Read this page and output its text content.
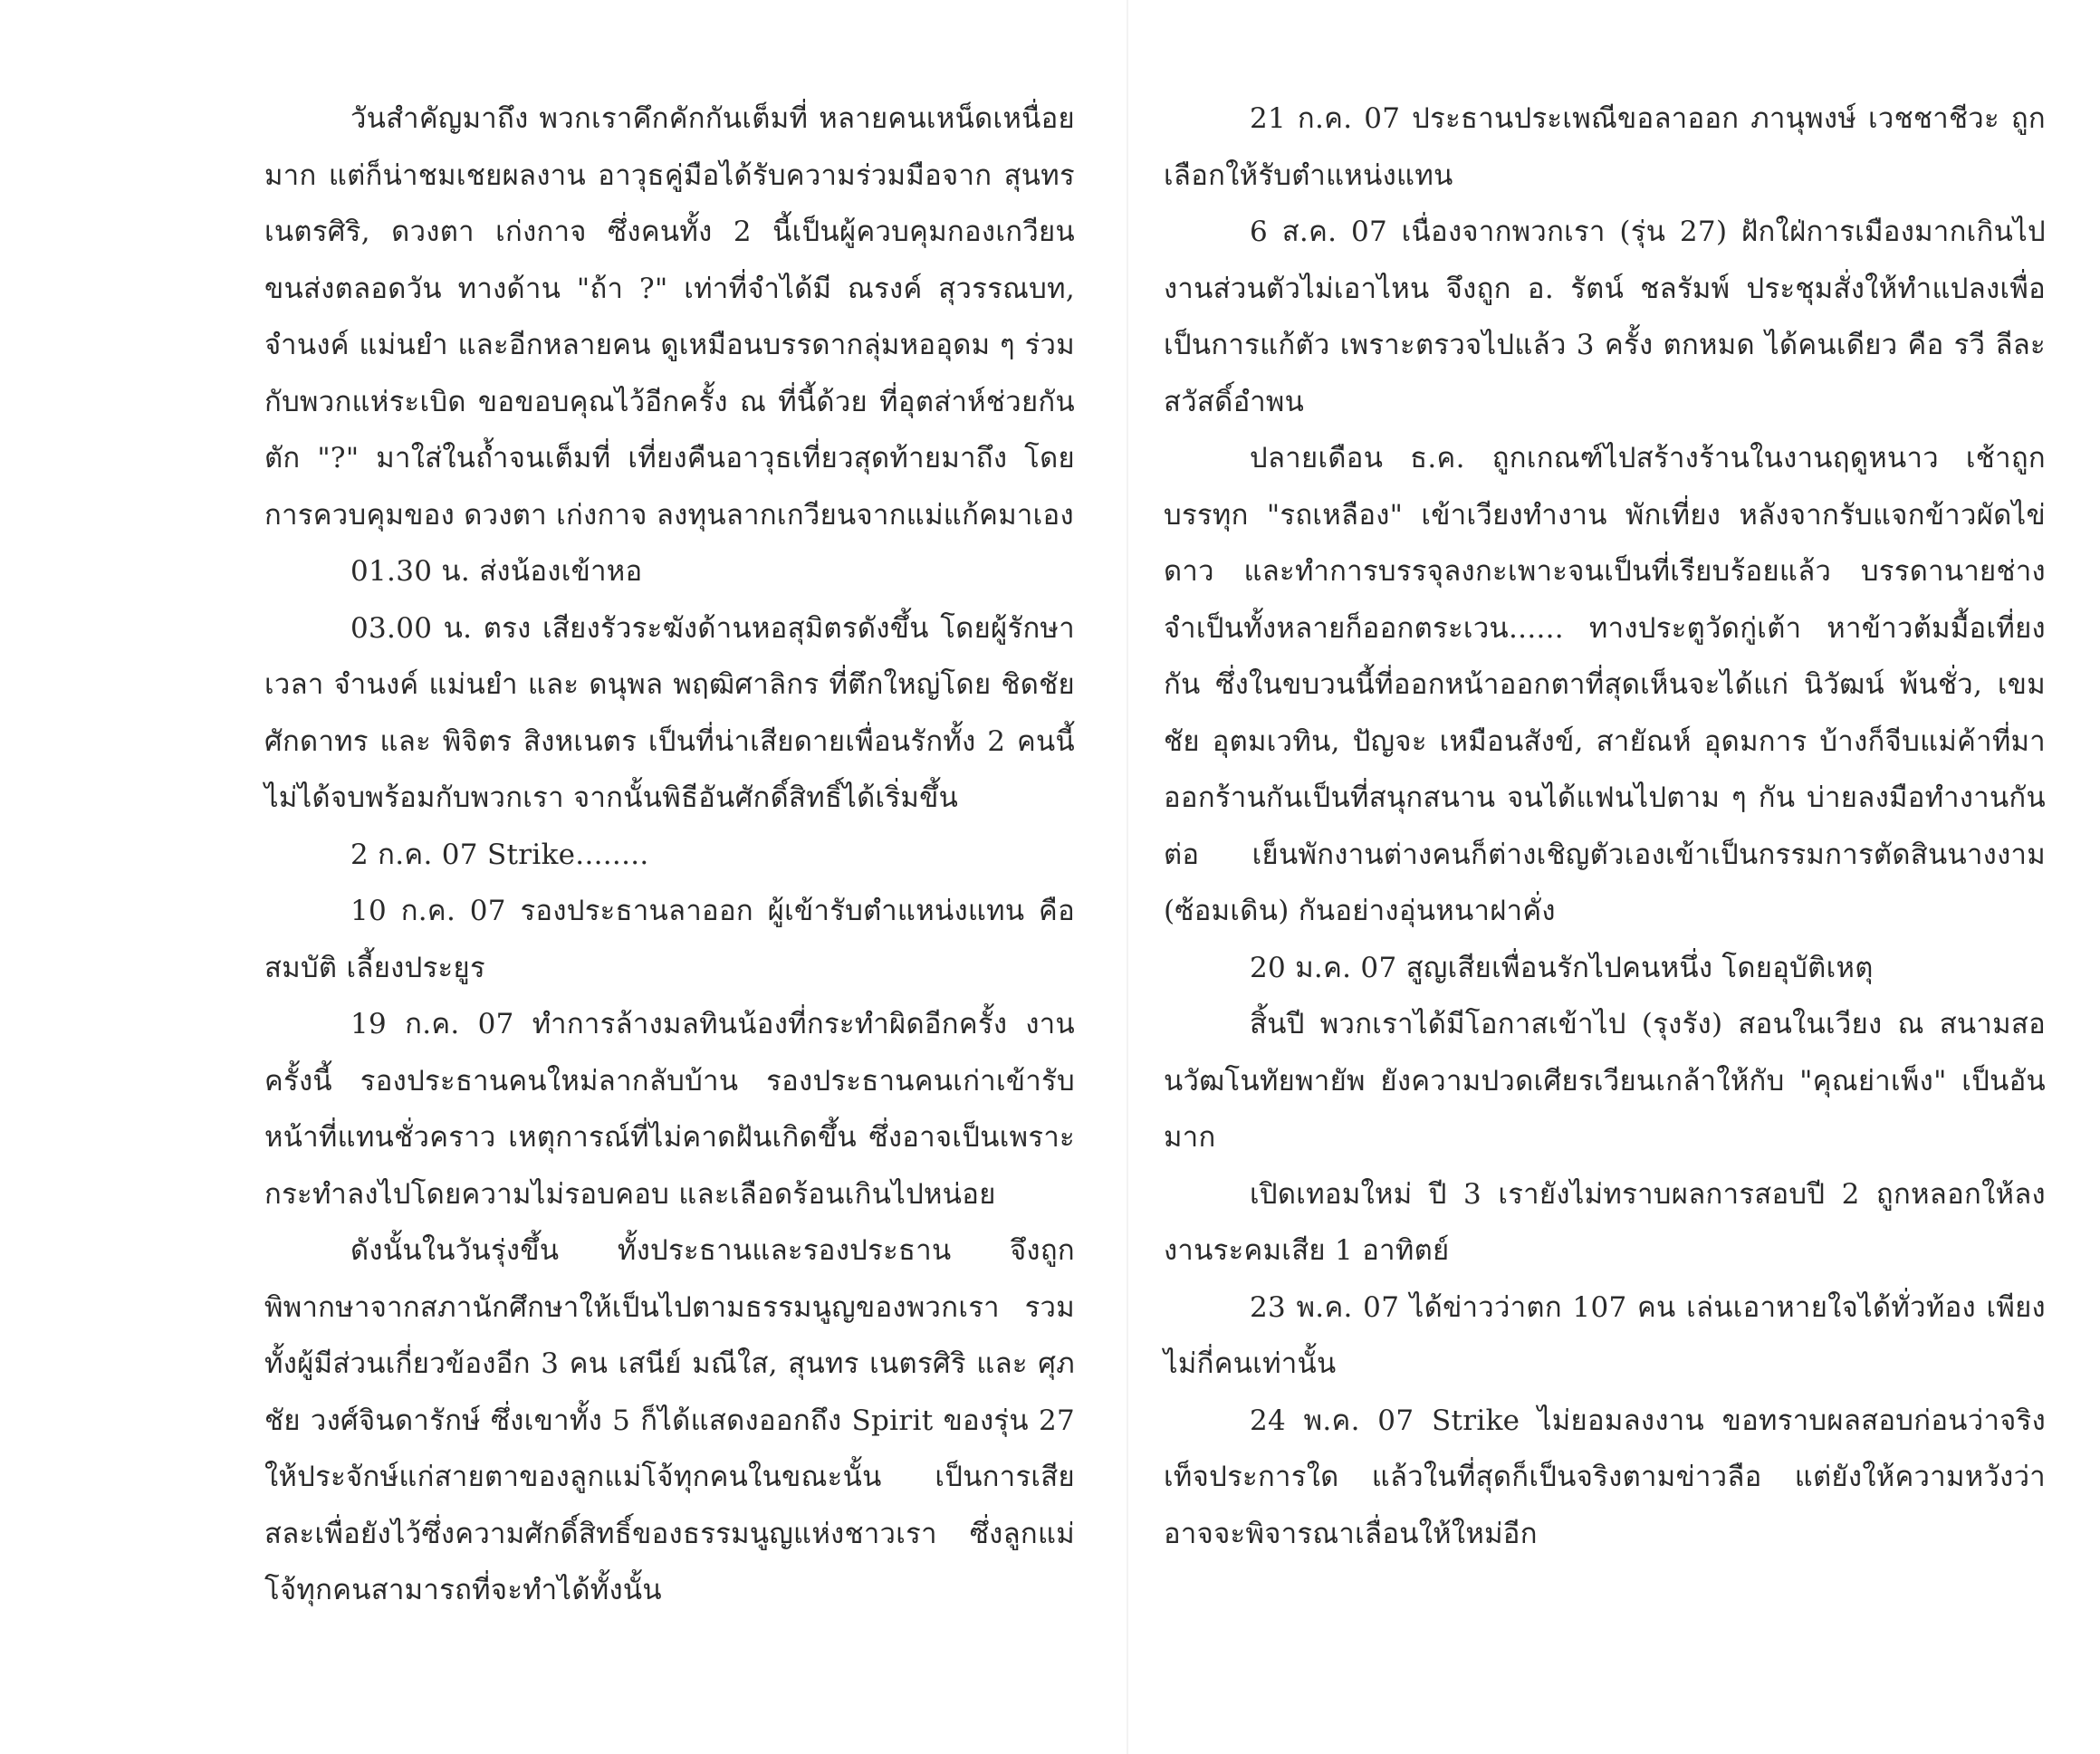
วันสำคัญมาถึง พวกเราคึกคักกันเต็มที่ หลายคนเหน็ดเหนื่อยมาก แต่ก็น่าชมเชยผลงาน อาวุธคู่มือได้รับความร่วมมือจาก สุนทร เนตรศิริ, ดวงตา เก่งกาจ ซึ่งคนทั้ง 2 นี้เป็นผู้ควบคุมกองเกวียนขนส่งตลอดวัน ทางด้าน "ถ้า ?" เท่าที่จำได้มี ณรงค์ สุวรรณบท, จำนงค์ แม่นยำ และอีกหลายคน ดูเหมือนบรรดากลุ่มหออุดม ๆ ร่วมกับพวกแห่ระเบิด ขอขอบคุณไว้อีกครั้ง ณ ที่นี้ด้วย ที่อุตส่าห์ช่วยกัน ตัก "?" มาใส่ในถ้ำจนเต็มที่ เที่ยงคืนอาวุธเที่ยวสุดท้ายมาถึง โดยการควบคุมของ ดวงตา เก่งกาจ ลงทุนลากเกวียนจากแม่แก้คมาเอง

01.30 น. ส่งน้องเข้าหอ

03.00 น. ตรง เสียงรัวระฆังด้านหอสุมิตรดังขึ้น โดยผู้รักษาเวลา จำนงค์ แม่นยำ และ ดนุพล พฤฒิศาลิกร ที่ตึกใหญ่โดย ชิดชัย ศักดาทร และ พิจิตร สิงหเนตร เป็นที่น่าเสียดายเพื่อนรักทั้ง 2 คนนี้ ไม่ได้จบพร้อมกับพวกเรา จากนั้นพิธีอันศักดิ์สิทธิ์ได้เริ่มขึ้น

2 ก.ค. 07 Strike........

10 ก.ค. 07 รองประธานลาออก ผู้เข้ารับตำแหน่งแทน คือ สมบัติ เลี้ยงประยูร

19 ก.ค. 07 ทำการล้างมลทินน้องที่กระทำผิดอีกครั้ง งานครั้งนี้ รองประธานคนใหม่ลากลับบ้าน รองประธานคนเก่าเข้ารับหน้าที่แทนชั่วคราว เหตุการณ์ที่ไม่คาดฝันเกิดขึ้น ซึ่งอาจเป็นเพราะกระทำลงไปโดยความไม่รอบคอบ และเลือดร้อนเกินไปหน่อย

ดังนั้นในวันรุ่งขึ้น ทั้งประธานและรองประธาน จึงถูกพิพากษาจากสภานักศึกษาให้เป็นไปตามธรรมนูญของพวกเรา รวมทั้งผู้มีส่วนเกี่ยวข้องอีก 3 คน เสนีย์ มณีใส, สุนทร เนตรศิริ และ ศุภชัย วงศ์จินดารักษ์ ซึ่งเขาทั้ง 5 ก็ได้แสดงออกถึง Spirit ของรุ่น 27 ให้ประจักษ์แก่สายตาของลูกแม่โจ้ทุกคนในขณะนั้น เป็นการเสียสละเพื่อยังไว้ซึ่งความศักดิ์สิทธิ์ของธรรมนูญแห่งชาวเรา ซึ่งลูกแม่โจ้ทุกคนสามารถที่จะทำได้ทั้งนั้น

21 ก.ค. 07 ประธานประเพณีขอลาออก ภานุพงษ์ เวชชาชีวะ ถูกเลือกให้รับตำแหน่งแทน

6 ส.ค. 07 เนื่องจากพวกเรา (รุ่น 27) ฝักใฝ่การเมืองมากเกินไป งานส่วนตัวไม่เอาไหน จึงถูก อ. รัตน์ ชลรัมพ์ ประชุมสั่งให้ทำแปลงเพื่อเป็นการแก้ตัว เพราะตรวจไปแล้ว 3 ครั้ง ตกหมด ได้คนเดียว คือ รวี ลีละสวัสดิ์อำพน

ปลายเดือน ธ.ค. ถูกเกณฑ์ไปสร้างร้านในงานฤดูหนาว เช้าถูกบรรทุก "รถเหลือง" เข้าเวียงทำงาน พักเที่ยง หลังจากรับแจกข้าวผัดไข่ดาว และทำการบรรจุลงกะเพาะจนเป็นที่เรียบร้อยแล้ว บรรดานายช่างจำเป็นทั้งหลายก็ออกตระเวน...... ทางประตูวัดกู่เต้า หาข้าวต้มมื้อเที่ยงกัน ซึ่งในขบวนนี้ที่ออกหน้าออกตาที่สุดเห็นจะได้แก่ นิวัฒน์ พ้นชั่ว, เขมชัย อุตมเวทิน, ปัญจะ เหมือนสังข์, สายัณห์ อุดมการ บ้างก็จีบแม่ค้าที่มาออกร้านกันเป็นที่สนุกสนาน จนได้แฟนไปตาม ๆ กัน บ่ายลงมือทำงานกันต่อ เย็นพักงานต่างคนก็ต่างเชิญตัวเองเข้าเป็นกรรมการตัดสินนางงาม (ซ้อมเดิน) กันอย่างอุ่นหนาฝาคั่ง

20 ม.ค. 07 สูญเสียเพื่อนรักไปคนหนึ่ง โดยอุบัติเหตุ

สิ้นปี พวกเราได้มีโอกาสเข้าไป (รุงรัง) สอนในเวียง ณ สนามสอนวัฒโนทัยพายัพ ยังความปวดเศียรเวียนเกล้าให้กับ "คุณย่าเพ็ง" เป็นอันมาก

เปิดเทอมใหม่ ปี 3 เรายังไม่ทราบผลการสอบปี 2 ถูกหลอกให้ลงงานระคมเสีย 1 อาทิตย์

23 พ.ค. 07 ได้ข่าวว่าตก 107 คน เล่นเอาหายใจได้ทั่วท้อง เพียงไม่กี่คนเท่านั้น

24 พ.ค. 07 Strike ไม่ยอมลงงาน ขอทราบผลสอบก่อนว่าจริงเท็จประการใด แล้วในที่สุดก็เป็นจริงตามข่าวลือ แต่ยังให้ความหวังว่าอาจจะพิจารณาเลื่อนให้ใหม่อีก
